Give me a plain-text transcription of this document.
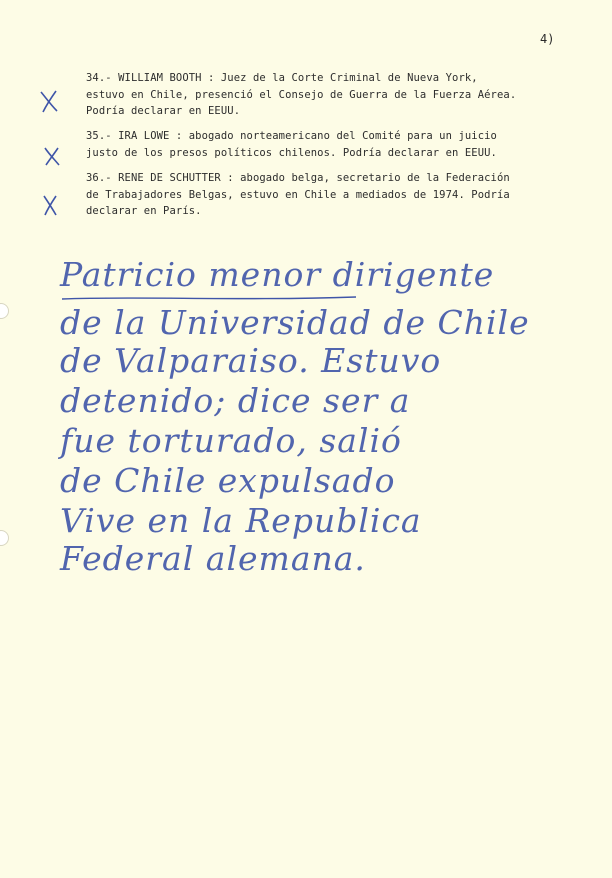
4)
34.- WILLIAM BOOTH : Juez de la Corte Criminal de Nueva York,
estuvo en Chile, presenció el Consejo de Guerra de la Fuerza Aérea.
Podría declarar en EEUU.
35.- IRA LOWE : abogado norteamericano del Comité para un juicio
justo de los presos políticos chilenos. Podría declarar en EEUU.
36.- RENE DE SCHUTTER : abogado belga, secretario de la Federación
de Trabajadores Belgas, estuvo en Chile a mediados de 1974. Podría
declarar en París.
Patricio menor dirigente
de la Universidad de Chile
de Valparaiso. Estuvo
detenido; dice ser a
fue torturado, salió
de Chile expulsado
Vive en la Republica
Federal alemana.
